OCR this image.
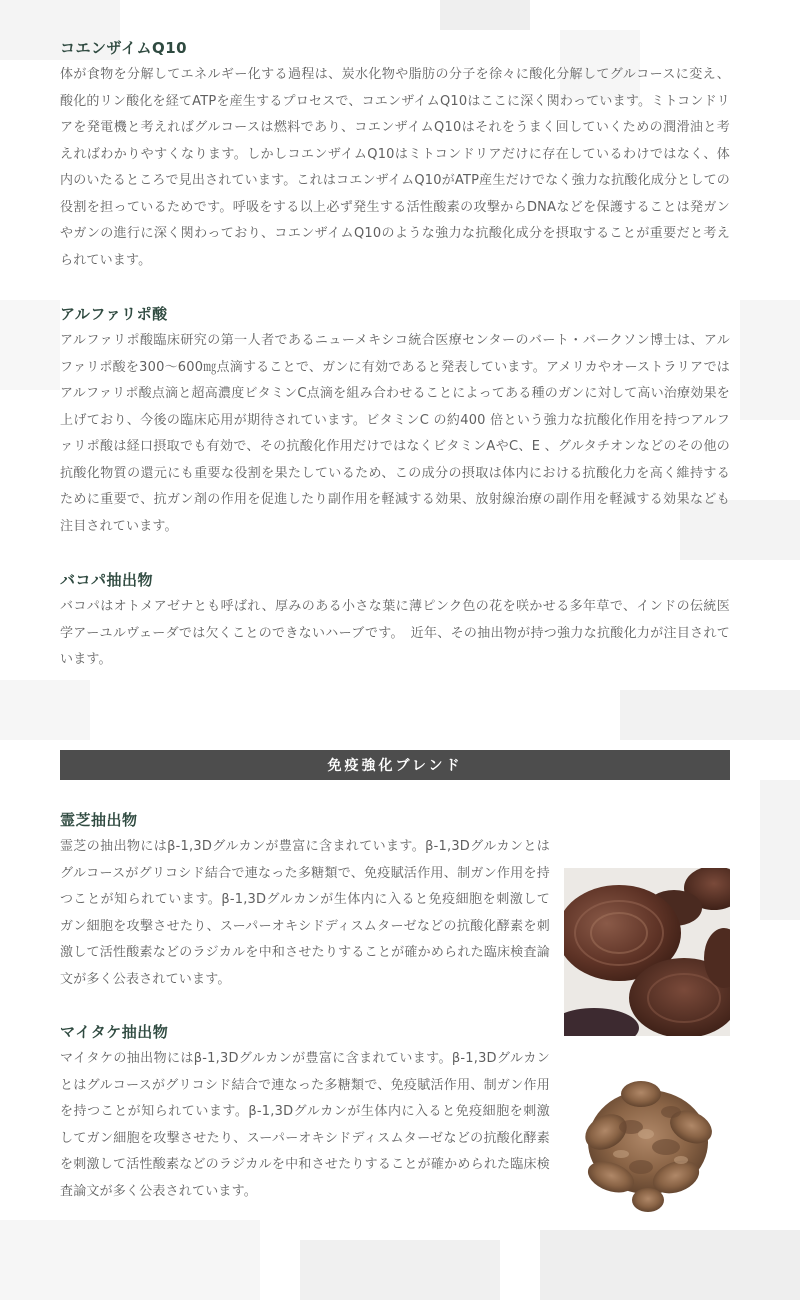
コエンザイムQ10

体が食物を分解してエネルギー化する過程は、炭水化物や脂肪の分子を徐々に酸化分解してグルコースに変え、酸化的リン酸化を経てATPを産生するプロセスで、コエンザイムQ10はここに深く関わっています。ミトコンドリアを発電機と考えればグルコースは燃料であり、コエンザイムQ10はそれをうまく回していくための潤滑油と考えればわかりやすくなります。しかしコエンザイムQ10はミトコンドリアだけに存在しているわけではなく、体内のいたるところで見出されています。これはコエンザイムQ10がATP産生だけでなく強力な抗酸化成分としての役割を担っているためです。呼吸をする以上必ず発生する活性酸素の攻撃からDNAなどを保護することは発ガンやガンの進行に深く関わっており、コエンザイムQ10のような強力な抗酸化成分を摂取することが重要だと考えられています。

アルファリポ酸

アルファリポ酸臨床研究の第一人者であるニューメキシコ統合医療センターのバート・バークソン博士は、アルファリポ酸を300〜600㎎点滴することで、ガンに有効であると発表しています。アメリカやオーストラリアではアルファリポ酸点滴と超高濃度ビタミンC点滴を組み合わせることによってある種のガンに対して高い治療効果を上げており、今後の臨床応用が期待されています。ビタミンC の約400 倍という強力な抗酸化作用を持つアルファリポ酸は経口摂取でも有効で、その抗酸化作用だけではなくビタミンAやC、E 、グルタチオンなどのその他の抗酸化物質の還元にも重要な役割を果たしているため、この成分の摂取は体内における抗酸化力を高く維持するために重要で、抗ガン剤の作用を促進したり副作用を軽減する効果、放射線治療の副作用を軽減する効果なども注目されています。

バコパ抽出物

バコパはオトメアゼナとも呼ばれ、厚みのある小さな葉に薄ピンク色の花を咲かせる多年草で、インドの伝統医学アーユルヴェーダでは欠くことのできないハーブです。　近年、その抽出物が持つ強力な抗酸化力が注目されています。

免疫強化ブレンド
霊芝抽出物

霊芝の抽出物にはβ-1,3Dグルカンが豊富に含まれています。β-1,3Dグルカンとはグルコースがグリコシド結合で連なった多糖類で、免疫賦活作用、制ガン作用を持つことが知られています。β-1,3Dグルカンが生体内に入ると免疫細胞を刺激してガン細胞を攻撃させたり、スーパーオキシドディスムターゼなどの抗酸化酵素を刺激して活性酸素などのラジカルを中和させたりすることが確かめられた臨床検査論文が多く公表されています。

マイタケ抽出物

マイタケの抽出物にはβ-1,3Dグルカンが豊富に含まれています。β-1,3Dグルカンとはグルコースがグリコシド結合で連なった多糖類で、免疫賦活作用、制ガン作用を持つことが知られています。β-1,3Dグルカンが生体内に入ると免疫細胞を刺激してガン細胞を攻撃させたり、スーパーオキシドディスムターゼなどの抗酸化酵素を刺激して活性酸素などのラジカルを中和させたりすることが確かめられた臨床検査論文が多く公表されています。
